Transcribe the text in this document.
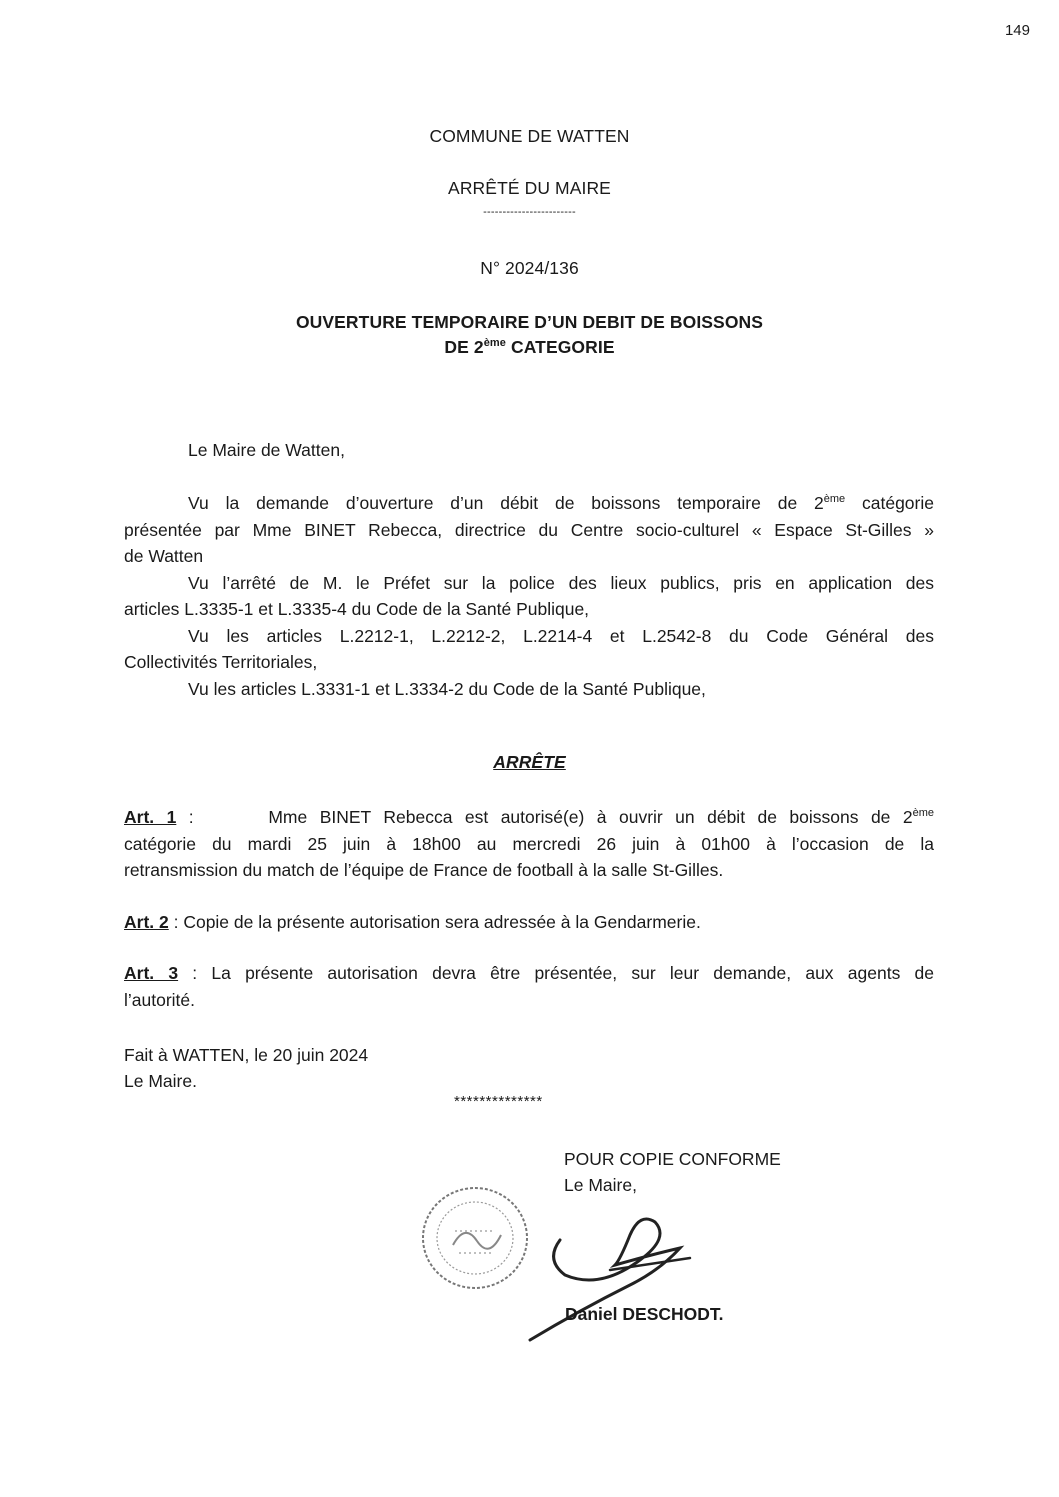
149
COMMUNE DE WATTEN
ARRÊTÉ DU MAIRE
------------------------
N° 2024/136
OUVERTURE TEMPORAIRE D’UN DEBIT DE BOISSONS
DE 2ème CATEGORIE
Le Maire de Watten,
Vu la demande d’ouverture d’un débit de boissons temporaire de 2ème catégorie
présentée par Mme BINET Rebecca, directrice du Centre socio-culturel « Espace St-Gilles »
de Watten
Vu l’arrêté de M. le Préfet sur la police des lieux publics, pris en application des
articles L.3335-1 et L.3335-4 du Code de la Santé Publique,
Vu les articles L.2212-1, L.2212-2, L.2214-4 et L.2542-8 du Code Général des
Collectivités Territoriales,
Vu les articles L.3331-1 et L.3334-2 du Code de la Santé Publique,
ARRÊTE
Art. 1 :      Mme BINET Rebecca est autorisé(e) à ouvrir un débit de boissons de 2ème
catégorie du mardi 25 juin à 18h00 au mercredi 26 juin à 01h00 à l’occasion de la
retransmission du match de l’équipe de France de football à la salle St-Gilles.
Art. 2 : Copie de la présente autorisation sera adressée à la Gendarmerie.
Art. 3 : La présente autorisation devra être présentée, sur leur demande, aux agents de
l’autorité.
Fait à WATTEN, le 20 juin 2024
Le Maire.
**************
POUR COPIE CONFORME
Le Maire,
Daniel DESCHODT.
